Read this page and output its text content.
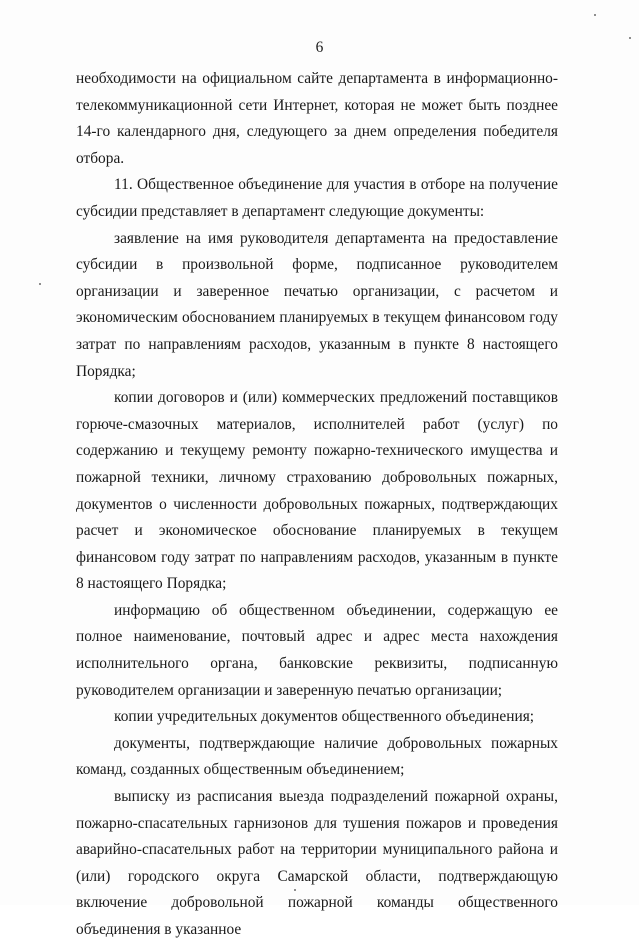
6

необходимости на официальном сайте департамента в информационно-телекоммуникационной сети Интернет, которая не может быть позднее 14-го календарного дня, следующего за днем определения победителя отбора.

11. Общественное объединение для участия в отборе на получение субсидии представляет в департамент следующие документы:

заявление на имя руководителя департамента на предоставление субсидии в произвольной форме, подписанное руководителем организации и заверенное печатью организации, с расчетом и экономическим обоснованием планируемых в текущем финансовом году затрат по направлениям расходов, указанным в пункте 8 настоящего Порядка;

копии договоров и (или) коммерческих предложений поставщиков горюче-смазочных материалов, исполнителей работ (услуг) по содержанию и текущему ремонту пожарно-технического имущества и пожарной техники, личному страхованию добровольных пожарных, документов о численности добровольных пожарных, подтверждающих расчет и экономическое обоснование планируемых в текущем финансовом году затрат по направлениям расходов, указанным в пункте 8 настоящего Порядка;

информацию об общественном объединении, содержащую ее полное наименование, почтовый адрес и адрес места нахождения исполнительного органа, банковские реквизиты, подписанную руководителем организации и заверенную печатью организации;

копии учредительных документов общественного объединения;

документы, подтверждающие наличие добровольных пожарных команд, созданных общественным объединением;

выписку из расписания выезда подразделений пожарной охраны, пожарно-спасательных гарнизонов для тушения пожаров и проведения аварийно-спасательных работ на территории муниципального района и (или) городского округа Самарской области, подтверждающую включение добровольной пожарной команды общественного объединения в указанное
